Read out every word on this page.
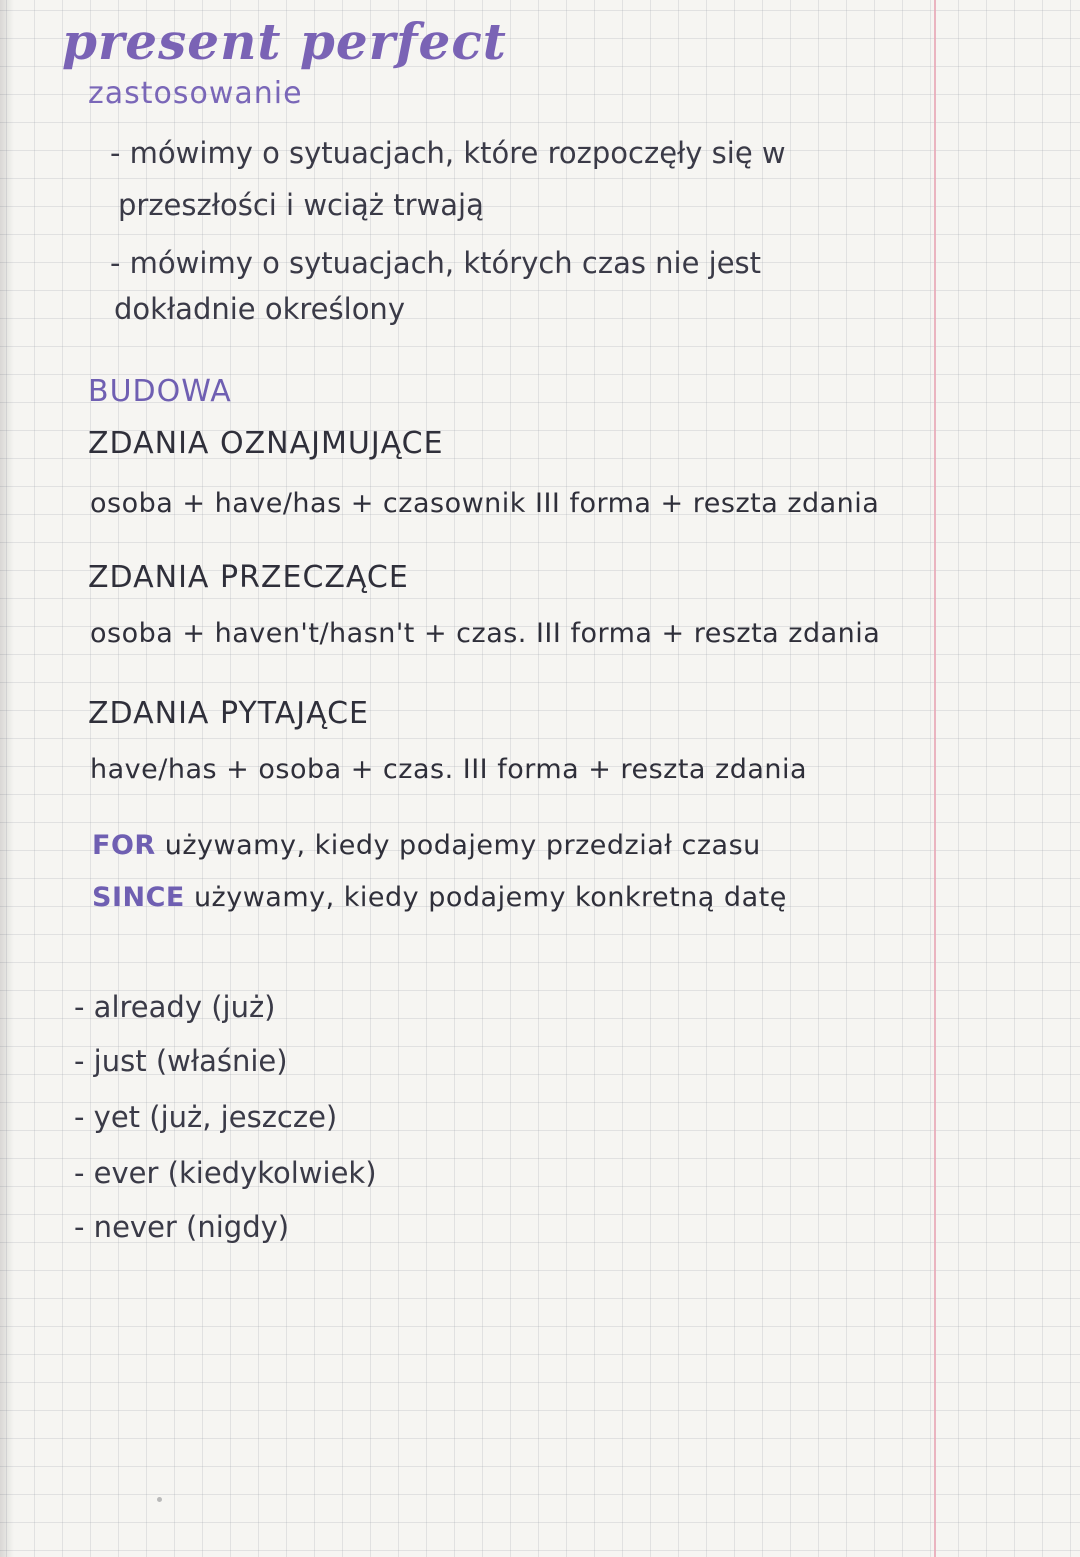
present perfect
zastosowanie
- mówimy o sytuacjach, które rozpoczęły się w
przeszłości i wciąż trwają
- mówimy o sytuacjach, których czas nie jest
dokładnie określony
BUDOWA
ZDANIA OZNAJMUJĄCE
osoba + have/has + czasownik III forma + reszta zdania
ZDANIA PRZECZĄCE
osoba + haven't/hasn't + czas. III forma + reszta zdania
ZDANIA PYTAJĄCE
have/has + osoba + czas. III forma + reszta zdania
FOR używamy, kiedy podajemy przedział czasu
SINCE używamy, kiedy podajemy konkretną datę
- already (już)
- just (właśnie)
- yet (już, jeszcze)
- ever (kiedykolwiek)
- never (nigdy)
